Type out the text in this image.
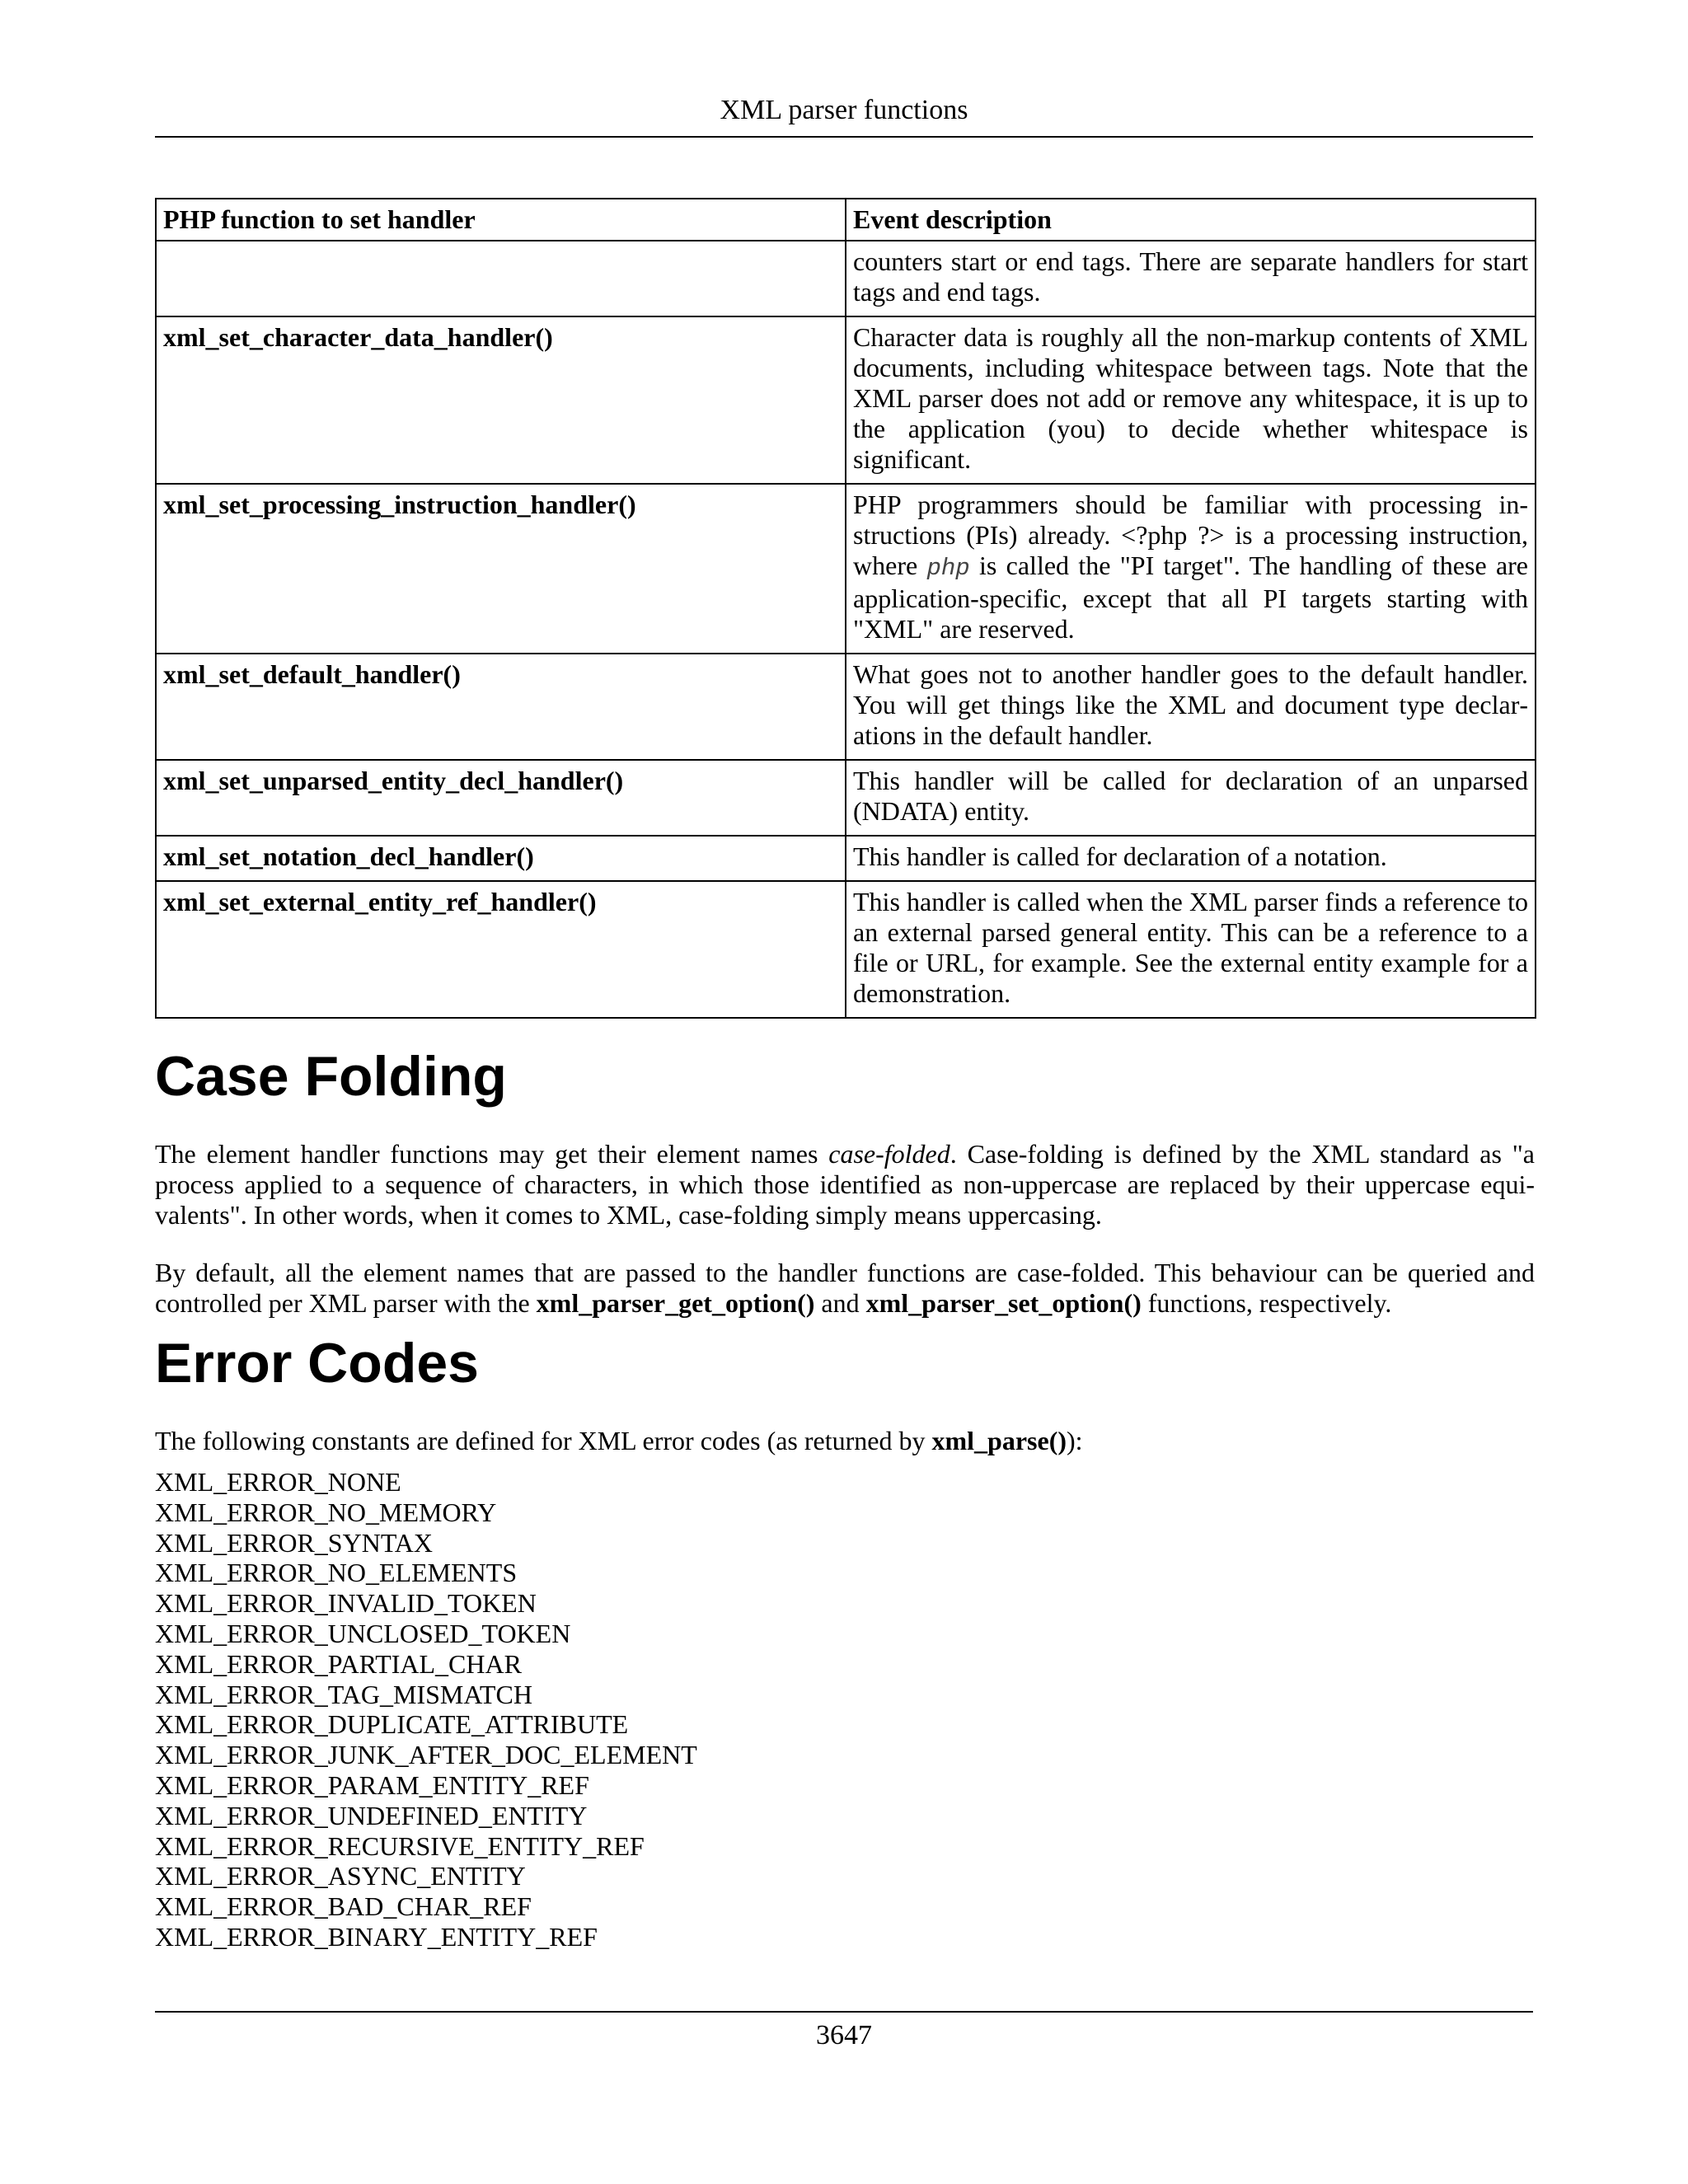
XML parser functions
PHP function to set handler	Event description
	counters start or end tags. There are separate handlers for start tags and end tags.
xml_set_character_data_handler()	Character data is roughly all the non-markup contents of XML documents, including whitespace between tags. Note that the XML parser does not add or remove any whitespace, it is up to the application (you) to decide whether whitespace is significant.
xml_set_processing_instruction_handler()	PHP programmers should be familiar with processing instructions (PIs) already. <?php ?> is a processing instruction, where php is called the "PI target". The handling of these are application-specific, except that all PI targets starting with "XML" are reserved.
xml_set_default_handler()	What goes not to another handler goes to the default handler. You will get things like the XML and document type declarations in the default handler.
xml_set_unparsed_entity_decl_handler()	This handler will be called for declaration of an unparsed (NDATA) entity.
xml_set_notation_decl_handler()	This handler is called for declaration of a notation.
xml_set_external_entity_ref_handler()	This handler is called when the XML parser finds a reference to an external parsed general entity. This can be a reference to a file or URL, for example. See the external entity example for a demonstration.
Case Folding

The element handler functions may get their element names case-folded. Case-folding is defined by the XML standard as "a process applied to a sequence of characters, in which those identified as non-uppercase are replaced by their uppercase equivalents". In other words, when it comes to XML, case-folding simply means uppercasing.

By default, all the element names that are passed to the handler functions are case-folded. This behaviour can be queried and controlled per XML parser with the xml_parser_get_option() and xml_parser_set_option() functions, respectively.

Error Codes

The following constants are defined for XML error codes (as returned by xml_parse()):

XML_ERROR_NONE
XML_ERROR_NO_MEMORY
XML_ERROR_SYNTAX
XML_ERROR_NO_ELEMENTS
XML_ERROR_INVALID_TOKEN
XML_ERROR_UNCLOSED_TOKEN
XML_ERROR_PARTIAL_CHAR
XML_ERROR_TAG_MISMATCH
XML_ERROR_DUPLICATE_ATTRIBUTE
XML_ERROR_JUNK_AFTER_DOC_ELEMENT
XML_ERROR_PARAM_ENTITY_REF
XML_ERROR_UNDEFINED_ENTITY
XML_ERROR_RECURSIVE_ENTITY_REF
XML_ERROR_ASYNC_ENTITY
XML_ERROR_BAD_CHAR_REF
XML_ERROR_BINARY_ENTITY_REF
3647
